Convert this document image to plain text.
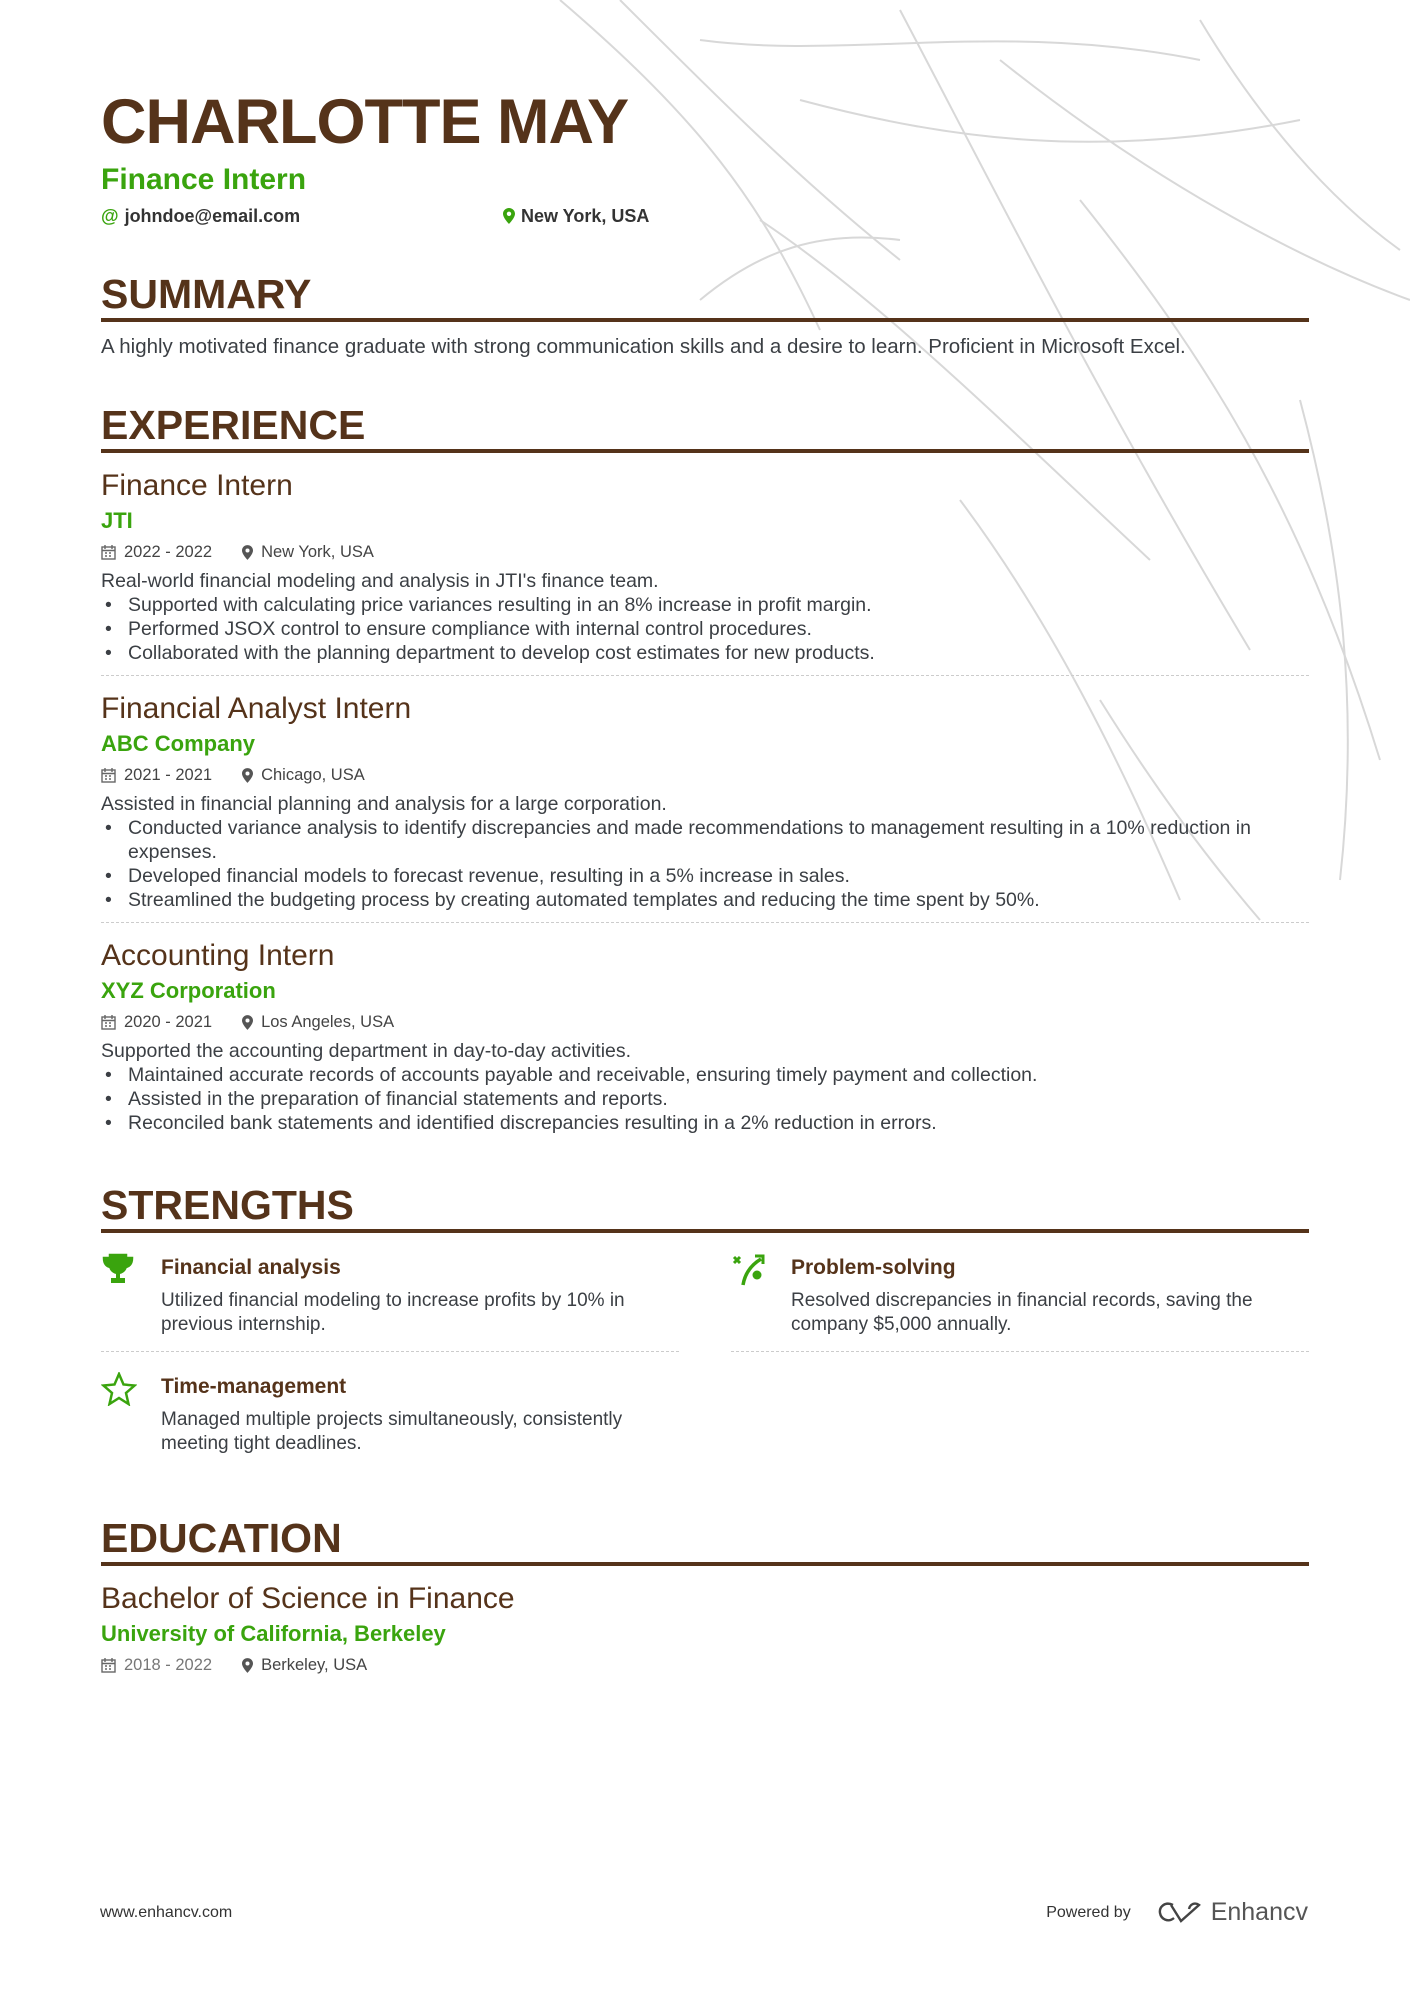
CHARLOTTE MAY
Finance Intern
@ johndoe@email.com	New York, USA
SUMMARY
A highly motivated finance graduate with strong communication skills and a desire to learn. Proficient in Microsoft Excel.
EXPERIENCE
Finance Intern
JTI
2022 - 2022	New York, USA
Real-world financial modeling and analysis in JTI's finance team.
• Supported with calculating price variances resulting in an 8% increase in profit margin.
• Performed JSOX control to ensure compliance with internal control procedures.
• Collaborated with the planning department to develop cost estimates for new products.
Financial Analyst Intern
ABC Company
2021 - 2021	Chicago, USA
Assisted in financial planning and analysis for a large corporation.
• Conducted variance analysis to identify discrepancies and made recommendations to management resulting in a 10% reduction in expenses.
• Developed financial models to forecast revenue, resulting in a 5% increase in sales.
• Streamlined the budgeting process by creating automated templates and reducing the time spent by 50%.
Accounting Intern
XYZ Corporation
2020 - 2021	Los Angeles, USA
Supported the accounting department in day-to-day activities.
• Maintained accurate records of accounts payable and receivable, ensuring timely payment and collection.
• Assisted in the preparation of financial statements and reports.
• Reconciled bank statements and identified discrepancies resulting in a 2% reduction in errors.
STRENGTHS
Financial analysis

Utilized financial modeling to increase profits by 10% in previous internship.

Problem-solving

Resolved discrepancies in financial records, saving the company $5,000 annually.

Time-management

Managed multiple projects simultaneously, consistently meeting tight deadlines.

EDUCATION
Bachelor of Science in Finance
University of California, Berkeley
2018 - 2022	Berkeley, USA
www.enhancv.com	Powered by	Enhancv
